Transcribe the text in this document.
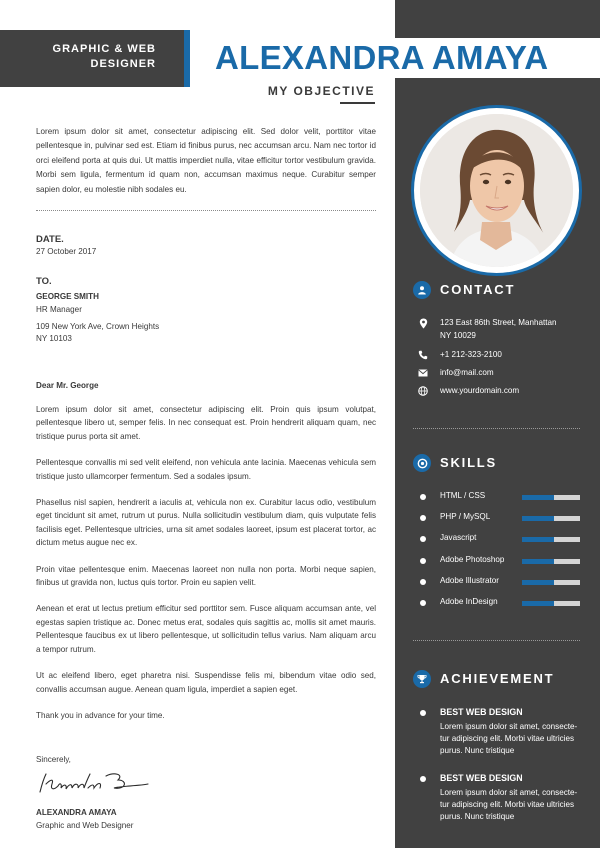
GRAPHIC & WEB
DESIGNER ALEXANDRA AMAYA
MY OBJECTIVE
Lorem ipsum dolor sit amet, consectetur adipiscing elit. Sed dolor velit, porttitor vitae pellentesque in, pulvinar sed est. Etiam id finibus purus, nec accumsan arcu. Nam nec tortor id orci eleifend porta at quis dui. Ut mattis imperdiet nulla, vitae efficitur tortor vestibulum gravida. Morbi sem ligula, fermentum id quam non, accumsan maximus neque. Curabitur semper sapien dolor, eu molestie nibh sodales eu.
DATE.
27 October 2017
TO.
GEORGE SMITH
HR Manager
109 New York Ave, Crown Heights
NY 10103
Dear Mr. George

Lorem ipsum dolor sit amet, consectetur adipiscing elit. Proin quis ipsum volutpat, pellentesque libero ut, semper felis. In nec consequat est. Proin hendrerit aliquam quam, nec tristique purus porta sit amet.

Pellentesque convallis mi sed velit eleifend, non vehicula ante lacinia. Maecenas vehicula sem tristique justo ullamcorper fermentum. Sed a sodales ipsum.

Phasellus nisl sapien, hendrerit a iaculis at, vehicula non ex. Curabitur lacus odio, vestibulum eget tincidunt sit amet, rutrum ut purus. Nulla sollicitudin vestibulum diam, quis vulputate felis facilisis eget. Pellentesque ultricies, urna sit amet sodales laoreet, ipsum est placerat tortor, ac dictum metus augue nec ex.

Proin vitae pellentesque enim. Maecenas laoreet non nulla non porta. Morbi neque sapien, finibus ut gravida non, luctus quis tortor. Proin eu sapien velit.

Aenean et erat ut lectus pretium efficitur sed porttitor sem. Fusce aliquam accumsan ante, vel egestas sapien tristique ac. Donec metus erat, sodales quis sagittis ac, mollis sit amet mauris. Pellentesque faucibus ex ut libero pellentesque, ut sollicitudin tellus varius. Nam aliquam arcu a tempor rutrum.

Ut ac eleifend libero, eget pharetra nisi. Suspendisse felis mi, bibendum vitae odio sed, convallis accumsan augue. Aenean quam ligula, imperdiet a sapien eget.

Thank you in advance for your time.

Sincerely,
ALEXANDRA AMAYA
Graphic and Web Designer
CONTACT
123 East 86th Street, Manhattan
NY 10029
+1 212-323-2100
info@mail.com
www.yourdomain.com
SKILLS
HTML / CSS
PHP / MySQL
Javascript
Adobe Photoshop
Adobe Illustrator
Adobe InDesign
ACHIEVEMENT
BEST WEB DESIGN
Lorem ipsum dolor sit amet, consecte- tur adipiscing elit. Morbi vitae ultricies purus. Nunc tristique
BEST WEB DESIGN
Lorem ipsum dolor sit amet, consecte- tur adipiscing elit. Morbi vitae ultricies purus. Nunc tristique
